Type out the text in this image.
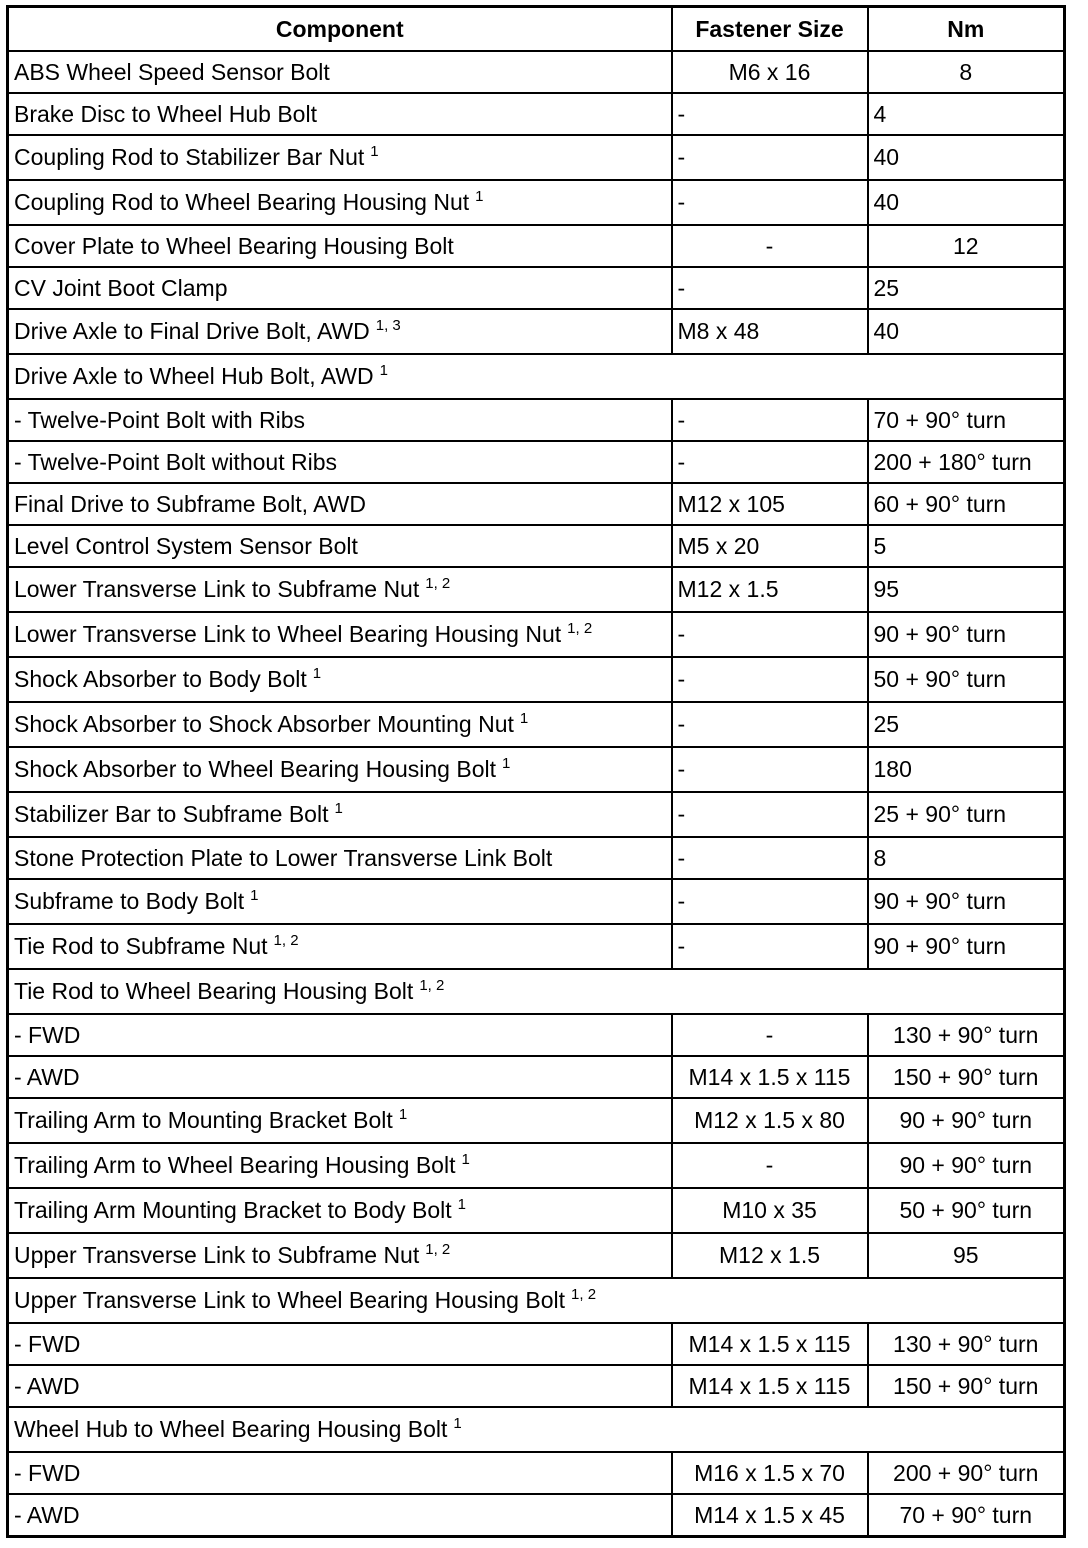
Component	Fastener Size	Nm
ABS Wheel Speed Sensor Bolt	M6 x 16	8
Brake Disc to Wheel Hub Bolt	-	4
Coupling Rod to Stabilizer Bar Nut $^1$	-	40
Coupling Rod to Wheel Bearing Housing Nut $^1$	-	40
Cover Plate to Wheel Bearing Housing Bolt	-	12
CV Joint Boot Clamp	-	25
Drive Axle to Final Drive Bolt, AWD $^{1, 3}$	M8 x 48	40
Drive Axle to Wheel Hub Bolt, AWD $^1$
- Twelve-Point Bolt with Ribs	-	70 + 90° turn
- Twelve-Point Bolt without Ribs	-	200 + 180° turn
Final Drive to Subframe Bolt, AWD	M12 x 105	60 + 90° turn
Level Control System Sensor Bolt	M5 x 20	5
Lower Transverse Link to Subframe Nut $^{1, 2}$	M12 x 1.5	95
Lower Transverse Link to Wheel Bearing Housing Nut $^{1, 2}$	-	90 + 90° turn
Shock Absorber to Body Bolt $^1$	-	50 + 90° turn
Shock Absorber to Shock Absorber Mounting Nut $^1$	-	25
Shock Absorber to Wheel Bearing Housing Bolt $^1$	-	180
Stabilizer Bar to Subframe Bolt $^1$	-	25 + 90° turn
Stone Protection Plate to Lower Transverse Link Bolt	-	8
Subframe to Body Bolt $^1$	-	90 + 90° turn
Tie Rod to Subframe Nut $^{1, 2}$	-	90 + 90° turn
Tie Rod to Wheel Bearing Housing Bolt $^{1, 2}$
- FWD	-	130 + 90° turn
- AWD	M14 x 1.5 x 115	150 + 90° turn
Trailing Arm to Mounting Bracket Bolt $^1$	M12 x 1.5 x 80	90 + 90° turn
Trailing Arm to Wheel Bearing Housing Bolt $^1$	-	90 + 90° turn
Trailing Arm Mounting Bracket to Body Bolt $^1$	M10 x 35	50 + 90° turn
Upper Transverse Link to Subframe Nut $^{1, 2}$	M12 x 1.5	95
Upper Transverse Link to Wheel Bearing Housing Bolt $^{1, 2}$
- FWD	M14 x 1.5 x 115	130 + 90° turn
- AWD	M14 x 1.5 x 115	150 + 90° turn
Wheel Hub to Wheel Bearing Housing Bolt $^1$
- FWD	M16 x 1.5 x 70	200 + 90° turn
- AWD	M14 x 1.5 x 45	70 + 90° turn
